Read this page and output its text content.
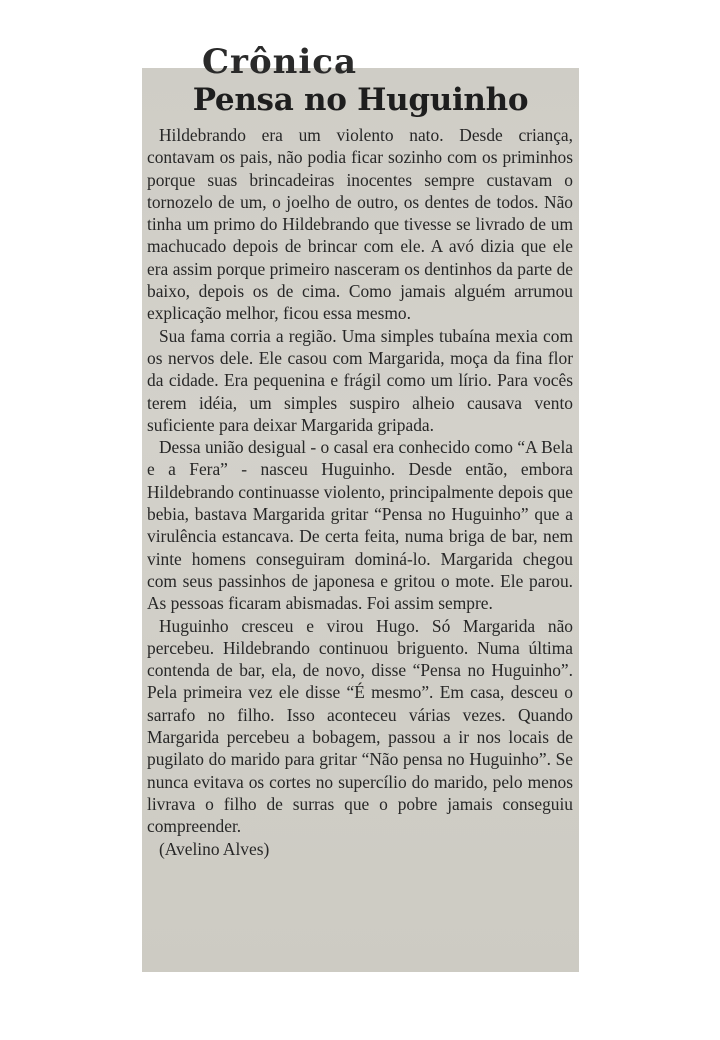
Crônica
Pensa no Huguinho

Hildebrando era um violento nato. Desde criança, contavam os pais, não podia ficar sozinho com os priminhos porque suas brincadeiras inocentes sempre custavam o tornozelo de um, o joelho de outro, os dentes de todos. Não tinha um primo do Hildebrando que tivesse se livrado de um machucado depois de brincar com ele. A avó dizia que ele era assim porque primeiro nasceram os dentinhos da parte de baixo, depois os de cima. Como jamais alguém arrumou explicação melhor, ficou essa mesmo.

Sua fama corria a região. Uma simples tubaína mexia com os nervos dele. Ele casou com Margarida, moça da fina flor da cidade. Era pequenina e frágil como um lírio. Para vocês terem idéia, um simples suspiro alheio causava vento suficiente para deixar Margarida gripada.

Dessa união desigual - o casal era conhecido como “A Bela e a Fera” - nasceu Huguinho. Desde então, embora Hildebrando continuasse violento, principalmente depois que bebia, bastava Margarida gritar “Pensa no Huguinho” que a virulência estancava. De certa feita, numa briga de bar, nem vinte homens conseguiram dominá-lo. Margarida chegou com seus passinhos de japonesa e gritou o mote. Ele parou. As pessoas ficaram abismadas. Foi assim sempre.

Huguinho cresceu e virou Hugo. Só Margarida não percebeu. Hildebrando continuou briguento. Numa última contenda de bar, ela, de novo, disse “Pensa no Huguinho”. Pela primeira vez ele disse “É mesmo”. Em casa, desceu o sarrafo no filho. Isso aconteceu várias vezes. Quando Margarida percebeu a bobagem, passou a ir nos locais de pugilato do marido para gritar “Não pensa no Huguinho”. Se nunca evitava os cortes no supercílio do marido, pelo menos livrava o filho de surras que o pobre jamais conseguiu compreender.

(Avelino Alves)
